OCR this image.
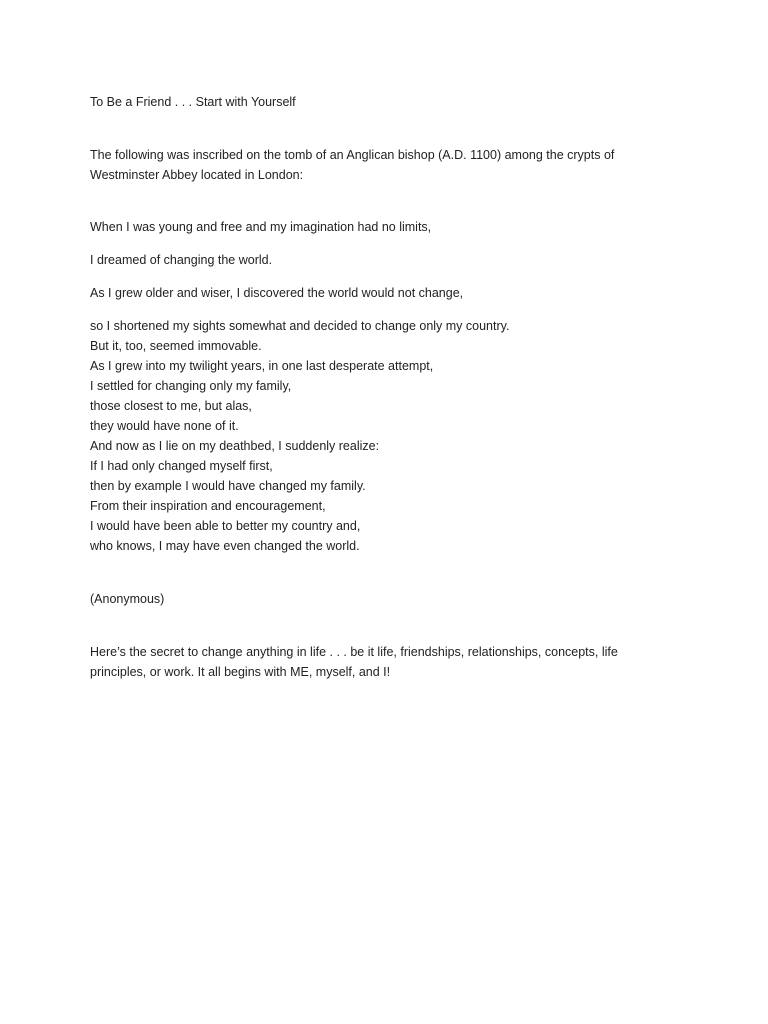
To Be a Friend . . . Start with Yourself

The following was inscribed on the tomb of an Anglican bishop (A.D. 1100) among the crypts of Westminster Abbey located in London:

When I was young and free and my imagination had no limits,

I dreamed of changing the world.

As I grew older and wiser, I discovered the world would not change,

so I shortened my sights somewhat and decided to change only my country.
But it, too, seemed immovable.
As I grew into my twilight years, in one last desperate attempt,
I settled for changing only my family,
those closest to me, but alas,
they would have none of it.
And now as I lie on my deathbed, I suddenly realize:
If I had only changed myself first,
then by example I would have changed my family.
From their inspiration and encouragement,
I would have been able to better my country and,
who knows, I may have even changed the world.

(Anonymous)

Here’s the secret to change anything in life . . . be it life, friendships, relationships, concepts, life principles, or work. It all begins with ME, myself, and I!
